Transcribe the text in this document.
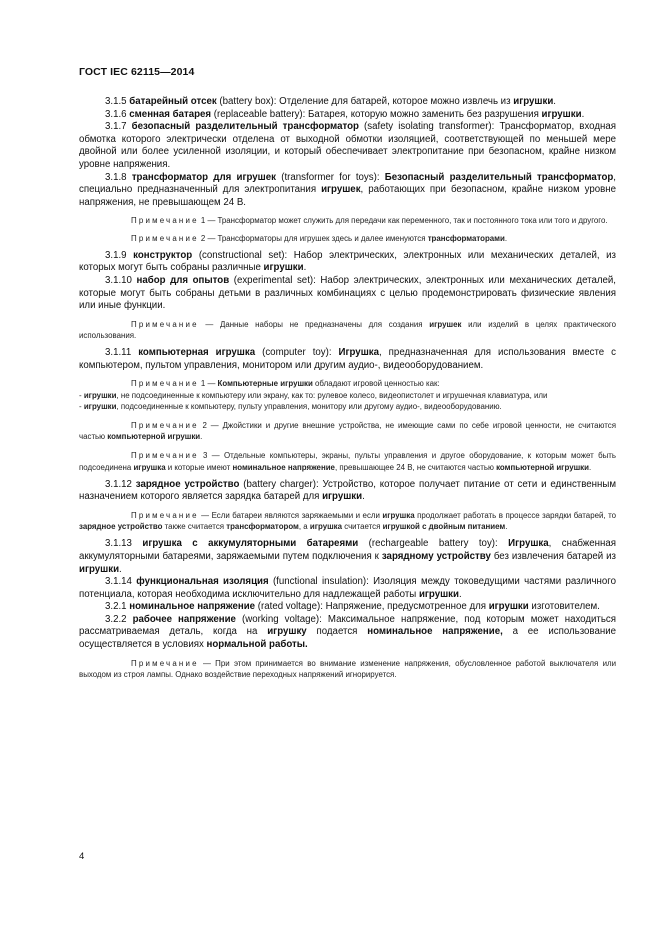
ГОСТ IEC 62115—2014

3.1.5 батарейный отсек (battery box): Отделение для батарей, которое можно извлечь из игрушки.

3.1.6 сменная батарея (replaceable battery): Батарея, которую можно заменить без разрушения игрушки.

3.1.7 безопасный разделительный трансформатор (safety isolating transformer): Трансформатор, входная обмотка которого электрически отделена от выходной обмотки изоляцией, соответствующей по меньшей мере двойной или более усиленной изоляции, и который обеспечивает электропитание при безопасном, крайне низком уровне напряжения.

3.1.8 трансформатор для игрушек (transformer for toys): Безопасный разделительный трансформатор, специально предназначенный для электропитания игрушек, работающих при безопасном, крайне низком уровне напряжения, не превышающем 24 В.

Примечание 1 — Трансформатор может служить для передачи как переменного, так и постоянного тока или того и другого.

Примечание 2 — Трансформаторы для игрушек здесь и далее именуются трансформаторами.

3.1.9 конструктор (constructional set): Набор электрических, электронных или механических деталей, из которых могут быть собраны различные игрушки.

3.1.10 набор для опытов (experimental set): Набор электрических, электронных или механических деталей, которые могут быть собраны детьми в различных комбинациях с целью продемонстрировать физические явления или иные функции.

Примечание — Данные наборы не предназначены для создания игрушек или изделий в целях практического использования.

3.1.11 компьютерная игрушка (computer toy): Игрушка, предназначенная для использования вместе с компьютером, пультом управления, монитором или другим аудио-, видеооборудованием.

Примечание 1 — Компьютерные игрушки обладают игровой ценностью как:

- игрушки, не подсоединенные к компьютеру или экрану, как то: рулевое колесо, видеопистолет и игрушечная клавиатура, или

- игрушки, подсоединенные к компьютеру, пульту управления, монитору или другому аудио-, видеооборудованию.

Примечание 2 — Джойстики и другие внешние устройства, не имеющие сами по себе игровой ценности, не считаются частью компьютерной игрушки.

Примечание 3 — Отдельные компьютеры, экраны, пульты управления и другое оборудование, к которым может быть подсоединена игрушка и которые имеют номинальное напряжение, превышающее 24 В, не считаются частью компьютерной игрушки.

3.1.12 зарядное устройство (battery charger): Устройство, которое получает питание от сети и единственным назначением которого является зарядка батарей для игрушки.

Примечание — Если батареи являются заряжаемыми и если игрушка продолжает работать в процессе зарядки батарей, то зарядное устройство также считается трансформатором, а игрушка считается игрушкой с двойным питанием.

3.1.13 игрушка с аккумуляторными батареями (rechargeable battery toy): Игрушка, снабженная аккумуляторными батареями, заряжаемыми путем подключения к зарядному устройству без извлечения батарей из игрушки.

3.1.14 функциональная изоляция (functional insulation): Изоляция между токоведущими частями различного потенциала, которая необходима исключительно для надлежащей работы игрушки.

3.2.1 номинальное напряжение (rated voltage): Напряжение, предусмотренное для игрушки изготовителем.

3.2.2 рабочее напряжение (working voltage): Максимальное напряжение, под которым может находиться рассматриваемая деталь, когда на игрушку подается номинальное напряжение, а ее использование осуществляется в условиях нормальной работы.

Примечание — При этом принимается во внимание изменение напряжения, обусловленное работой выключателя или выходом из строя лампы. Однако воздействие переходных напряжений игнорируется.

4
